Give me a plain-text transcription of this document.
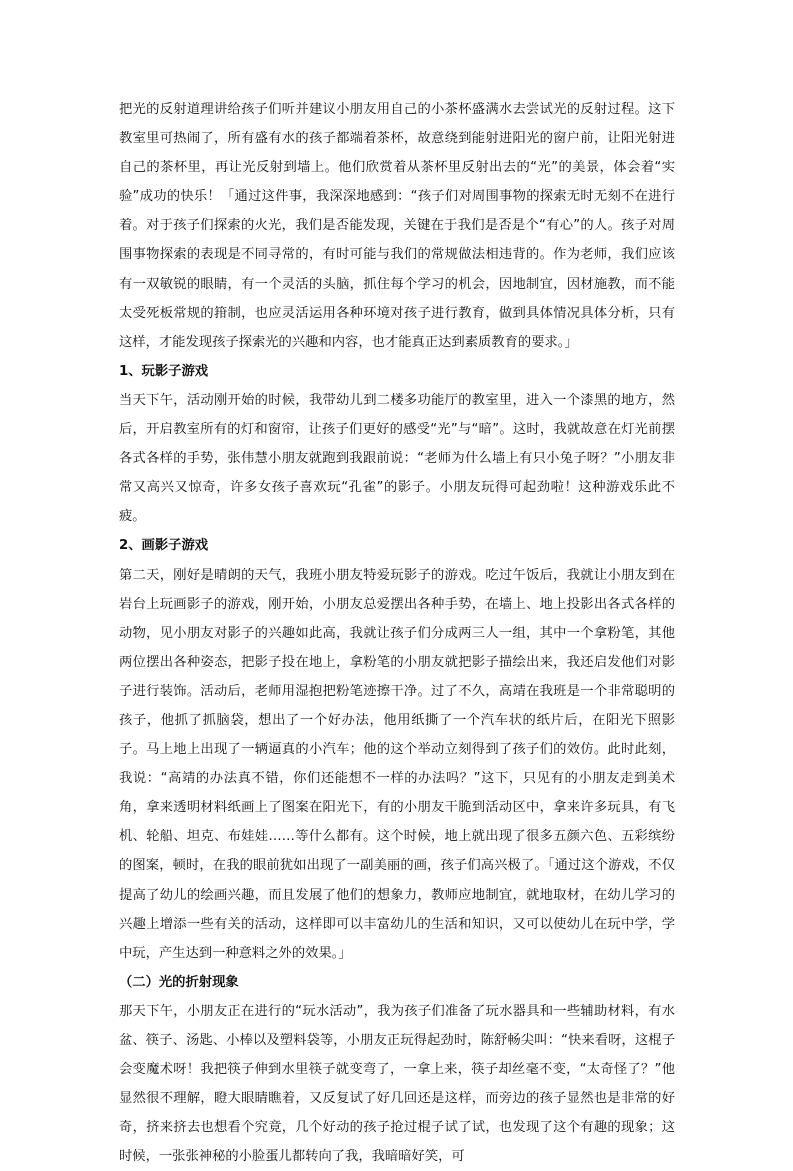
把光的反射道理讲给孩子们听并建议小朋友用自己的小茶杯盛满水去尝试光的反射过程。这下教室里可热闹了，所有盛有水的孩子都端着茶杯，故意绕到能射进阳光的窗户前，让阳光射进自己的茶杯里，再让光反射到墙上。他们欣赏着从茶杯里反射出去的“光”的美景，体会着“实验”成功的快乐！「通过这件事，我深深地感到：“孩子们对周围事物的探索无时无刻不在进行着。对于孩子们探索的火光，我们是否能发现，关键在于我们是否是个“有心”的人。孩子对周围事物探索的表现是不同寻常的，有时可能与我们的常规做法相违背的。作为老师，我们应该有一双敏锐的眼睛，有一个灵活的头脑，抓住每个学习的机会，因地制宜，因材施教，而不能太受死板常规的箝制，也应灵活运用各种环境对孩子进行教育，做到具体情况具体分析，只有这样，才能发现孩子探索光的兴趣和内容，也才能真正达到素质教育的要求。」

1、玩影子游戏

当天下午，活动刚开始的时候，我带幼儿到二楼多功能厅的教室里，进入一个漆黑的地方，然后，开启教室所有的灯和窗帘，让孩子们更好的感受“光”与“暗”。这时，我就故意在灯光前摆各式各样的手势，张伟慧小朋友就跑到我跟前说：“老师为什么墙上有只小兔子呀？”小朋友非常又高兴又惊奇，许多女孩子喜欢玩“孔雀”的影子。小朋友玩得可起劲啦！这种游戏乐此不疲。

2、画影子游戏

第二天，刚好是晴朗的天气，我班小朋友特爱玩影子的游戏。吃过午饭后，我就让小朋友到在岩台上玩画影子的游戏，刚开始，小朋友总爱摆出各种手势，在墙上、地上投影出各式各样的动物，见小朋友对影子的兴趣如此高，我就让孩子们分成两三人一组，其中一个拿粉笔，其他两位摆出各种姿态，把影子投在地上，拿粉笔的小朋友就把影子描绘出来，我还启发他们对影子进行装饰。活动后，老师用湿抱把粉笔迹擦干净。过了不久，高靖在我班是一个非常聪明的孩子，他抓了抓脑袋，想出了一个好办法，他用纸撕了一个汽车状的纸片后，在阳光下照影子。马上地上出现了一辆逼真的小汽车；他的这个举动立刻得到了孩子们的效仿。此时此刻，我说：“高靖的办法真不错，你们还能想不一样的办法吗？”这下，只见有的小朋友走到美术角，拿来透明材料纸画上了图案在阳光下，有的小朋友干脆到活动区中，拿来许多玩具，有飞机、轮船、坦克、布娃娃……等什么都有。这个时候，地上就出现了很多五颜六色、五彩缤纷的图案，顿时，在我的眼前犹如出现了一副美丽的画，孩子们高兴极了。「通过这个游戏，不仅提高了幼儿的绘画兴趣，而且发展了他们的想象力，教师应地制宜，就地取材，在幼儿学习的兴趣上增添一些有关的活动，这样即可以丰富幼儿的生活和知识，又可以使幼儿在玩中学，学中玩，产生达到一种意料之外的效果。」

（二）光的折射现象

那天下午，小朋友正在进行的“玩水活动”，我为孩子们准备了玩水器具和一些辅助材料，有水盆、筷子、汤匙、小棒以及塑料袋等，小朋友正玩得起劲时，陈舒畅尖叫：“快来看呀，这棍子会变魔术呀！我把筷子伸到水里筷子就变弯了，一拿上来，筷子却丝毫不变，“太奇怪了？”他显然很不理解，瞪大眼睛瞧着，又反复试了好几回还是这样，而旁边的孩子显然也是非常的好奇，挤来挤去也想看个究竟，几个好动的孩子抢过棍子试了试，也发现了这个有趣的现象；这时候，一张张神秘的小脸蛋儿都转向了我，我暗暗好笑，可
